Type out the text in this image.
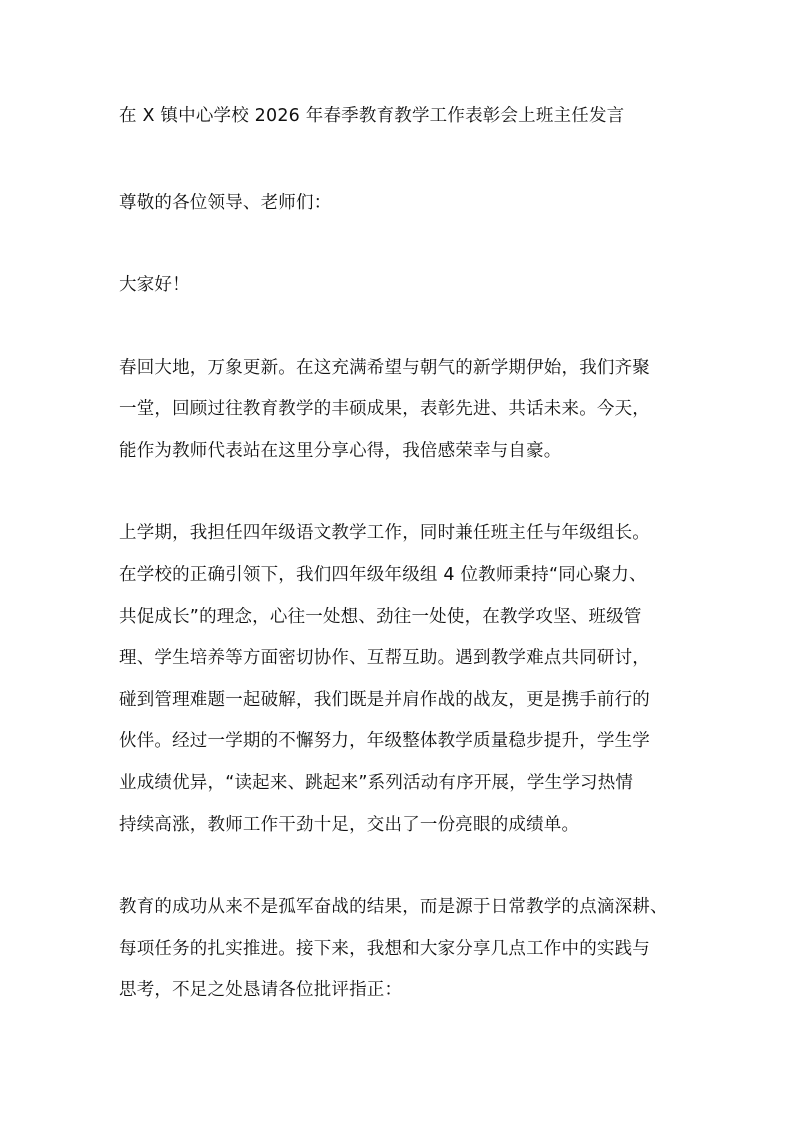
在 X 镇中心学校 2026 年春季教育教学工作表彰会上班主任发言
尊敬的各位领导、老师们：
大家好！
春回大地，万象更新。在这充满希望与朝气的新学期伊始，我们齐聚
一堂，回顾过往教育教学的丰硕成果，表彰先进、共话未来。今天，
能作为教师代表站在这里分享心得，我倍感荣幸与自豪。
上学期，我担任四年级语文教学工作，同时兼任班主任与年级组长。
在学校的正确引领下，我们四年级年级组 4 位教师秉持“同心聚力、
共促成长”的理念，心往一处想、劲往一处使，在教学攻坚、班级管
理、学生培养等方面密切协作、互帮互助。遇到教学难点共同研讨，
碰到管理难题一起破解，我们既是并肩作战的战友，更是携手前行的
伙伴。经过一学期的不懈努力，年级整体教学质量稳步提升，学生学
业成绩优异，“读起来、跳起来”系列活动有序开展，学生学习热情
持续高涨，教师工作干劲十足，交出了一份亮眼的成绩单。
教育的成功从来不是孤军奋战的结果，而是源于日常教学的点滴深耕、
每项任务的扎实推进。接下来，我想和大家分享几点工作中的实践与
思考，不足之处恳请各位批评指正：
